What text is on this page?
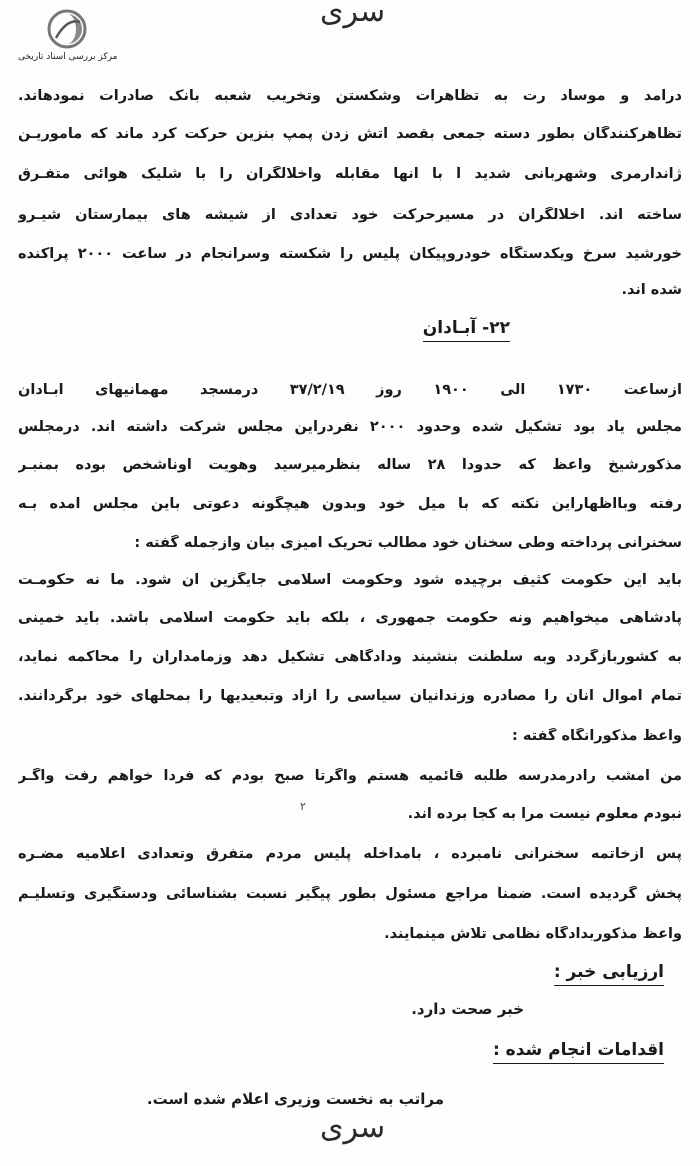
مرکز بررسی اسناد تاریخی
سری
درآمد و موساد رت به تظاهرات وشکستن وتخریب شعبه بانک صادرات نمودهاند.
تظاهرکنندگان بطور دسته جمعی بقصد آتش زدن پمپ بنزین حرکت کرد ماند که ماموریـن
ژاندارمری وشهربانی شدید اً با آنها مقابله واخلالگران را با شلیک هوائی متفـرق
ساخته اند. اخلالگران در مسیرحرکت خود تعدادی از شیشه های بیمارستان شیـرو
خورشید سرخ ویکدستگاه خودروپیکان پلیس را شکسته وسرانجام در ساعت ۲۰۰۰ پراکنده
شده اند.
۲۲- آبـادان
ازساعت ۱۷۳۰ الی ۱۹۰۰ روز ۳۷/۲/۱۹ درمسجد مهمانیهای آبـادان
مجلس یاد بود تشکیل شده وحدود ۲۰۰۰ نفردراین مجلس شرکت داشته اند. درمجلس
مذکورشیخ واعظ که حدوداً ۲۸ ساله بنظرمیرسید وهویت اوناشخص بوده بمنبـر
رفته وبااظهاراین نکته که با میل خود وبدون هیچگونه دعوتی باین مجلس آمده بـه
سخنرانی پرداخته وطی سخنان خود مطالب تحریک آمیزی بیان وازجمله گفته :
باید این حکومت کثیف برچیده شود وحکومت اسلامی جایگزین آن شود. ما نه حکومـت
پادشاهی میخواهیم ونه حکومت جمهوری ، بلکه باید حکومت اسلامی باشد. باید خمینی
به کشوربازگردد وبه سلطنت بنشیند ودادگاهی تشکیل دهد وزمامداران را محاکمه نماید،
تمام اموال آنان را مصادره وزندانیان سیاسی را آزاد وتبعیدیها را بمحلهای خود برگردانند.
واعظ مذکورآنگاه گفته :
من امشب رادرمدرسه طلبه قائمیه هستم واگرتا صبح بودم که فردا خواهم رفت واگـر
نبودم معلوم نیست مرا به کجا برده اند.
۲
پس ازخاتمه سخنرانی نامبرده ، بامداخله پلیس مردم متفرق وتعدادی اعلامیه مضـره
پخش گردیده است. ضمناً مراجع مسئول بطور پیگیر نسبت بشناسائی ودستگیری وتسلیـم
واعظ مذکوربدادگاه نظامی تلاش مینمایند.
ارزیابی خبر :
خبر صحت دارد.
اقدامات انجام شده :
مراتب به نخست وزیری اعلام شده است.
سری
